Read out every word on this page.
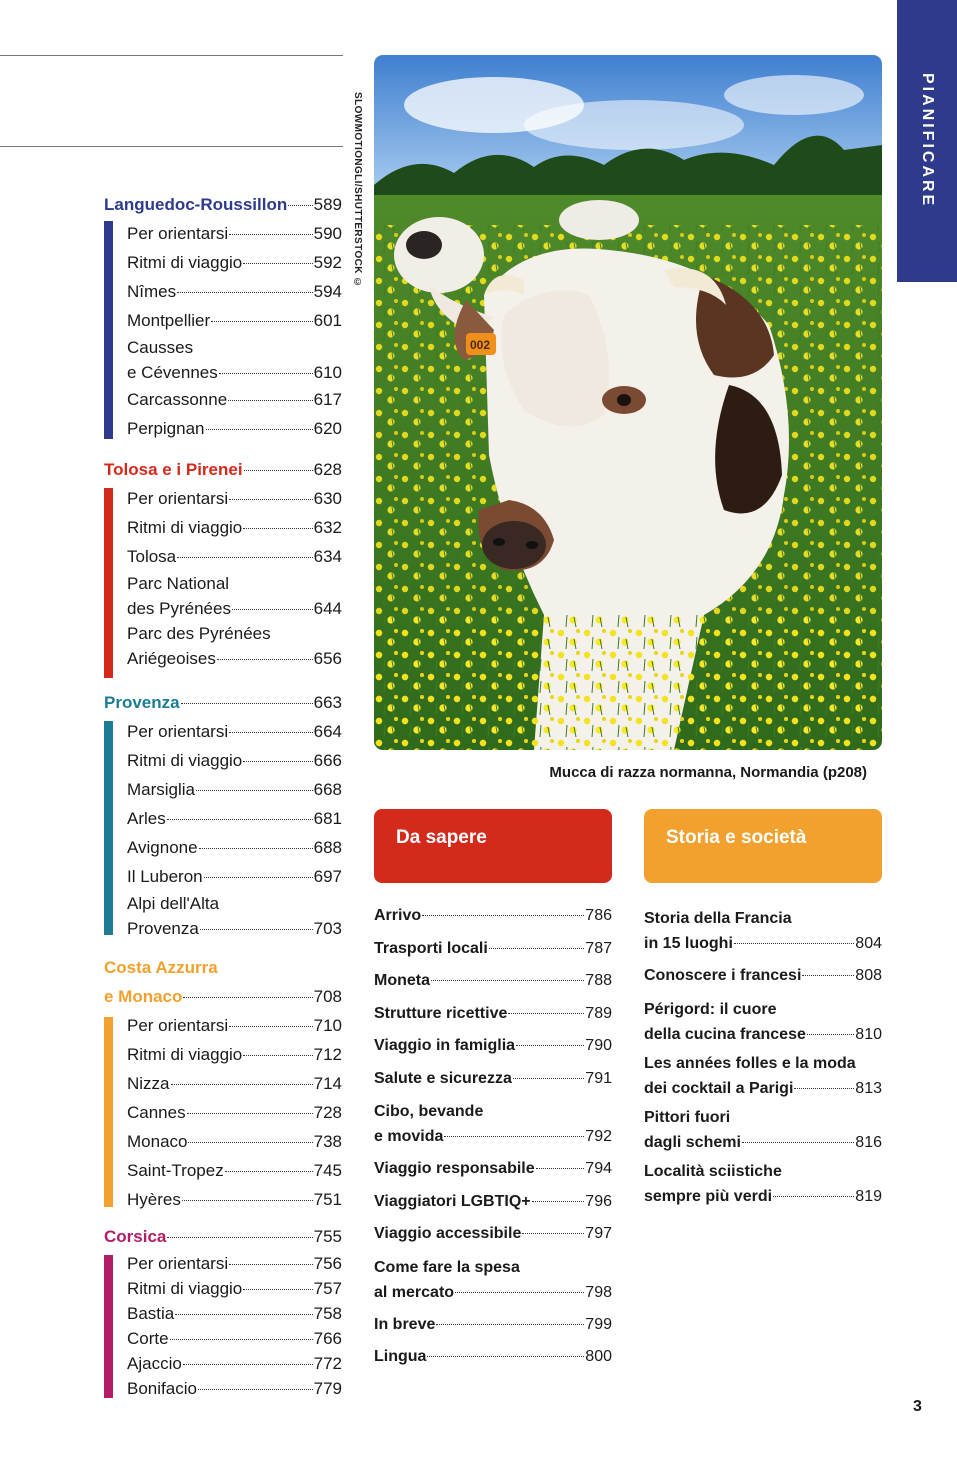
PIANIFICARE
SLOWMOTIONGLI/SHUTTERSTOCK ©
002
Mucca di razza normanna, Normandia (p208)
Languedoc-Roussillon 589
Per orientarsi	590
Ritmi di viaggio	592
Nîmes	594
Montpellier	601
Causses
e Cévennes	610
Carcassonne	617
Perpignan	620
Tolosa e i Pirenei	628
Per orientarsi	630
Ritmi di viaggio	632
Tolosa	634
Parc National
des Pyrénées	644
Parc des Pyrénées
Ariégeoises	656
Provenza	663
Per orientarsi	664
Ritmi di viaggio	666
Marsiglia	668
Arles	681
Avignone	688
Il Luberon	697
Alpi dell'Alta
Provenza	703
Costa Azzurra
e Monaco	708
Per orientarsi	710
Ritmi di viaggio	712
Nizza	714
Cannes	728
Monaco	738
Saint-Tropez	745
Hyères	751
Corsica	755
Per orientarsi	756
Ritmi di viaggio	757
Bastia	758
Corte	766
Ajaccio	772
Bonifacio	779
Da sapere	Storia e società
Arrivo	786
Trasporti locali	787
Moneta	788
Strutture ricettive	789
Viaggio in famiglia	790
Salute e sicurezza	791
Cibo, bevande
e movida	792
Viaggio responsabile	794
Viaggiatori LGBTIQ+	796
Viaggio accessibile	797
Come fare la spesa
al mercato	798
In breve	799
Lingua	800
Storia della Francia
in 15 luoghi	804
Conoscere i francesi	808
Périgord: il cuore
della cucina francese	810
Les années folles e la moda
dei cocktail a Parigi	813
Pittori fuori
dagli schemi	816
Località sciistiche
sempre più verdi	819
3
